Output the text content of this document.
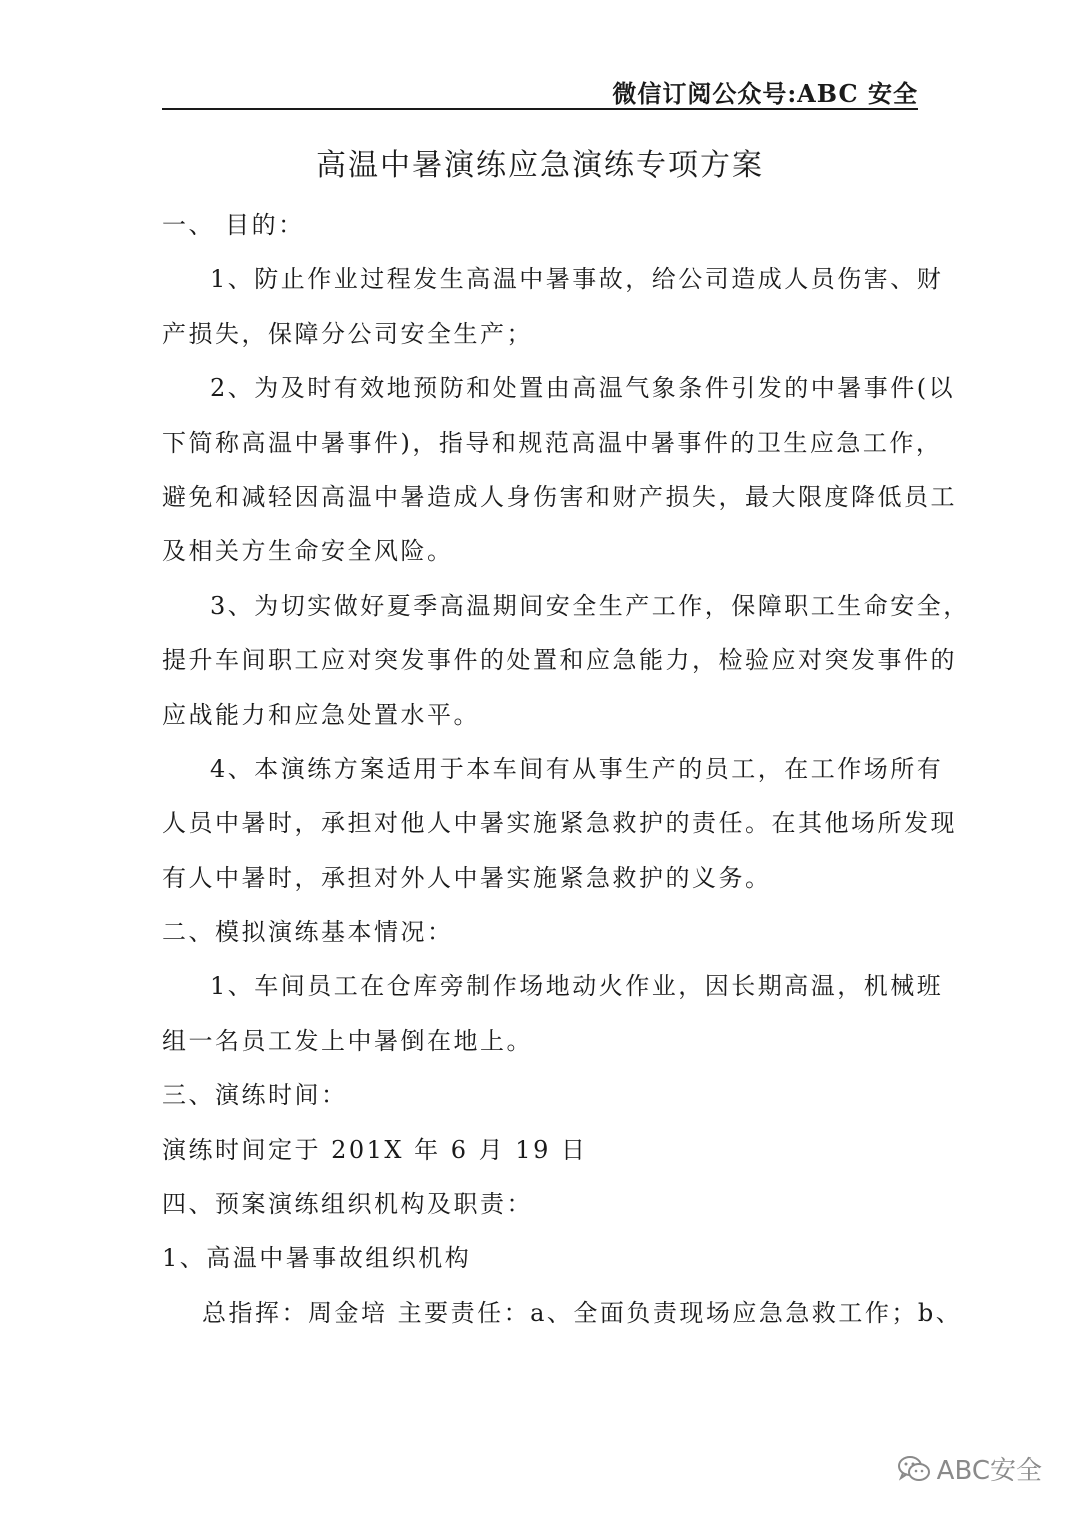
微信订阅公众号:ABC 安全
高温中暑演练应急演练专项方案
一、 目的：
1、防止作业过程发生高温中暑事故，给公司造成人员伤害、财
产损失，保障分公司安全生产；
2、为及时有效地预防和处置由高温气象条件引发的中暑事件(以
下简称高温中暑事件)，指导和规范高温中暑事件的卫生应急工作，
避免和减轻因高温中暑造成人身伤害和财产损失，最大限度降低员工
及相关方生命安全风险。
3、为切实做好夏季高温期间安全生产工作，保障职工生命安全，
提升车间职工应对突发事件的处置和应急能力，检验应对突发事件的
应战能力和应急处置水平。
4、本演练方案适用于本车间有从事生产的员工，在工作场所有
人员中暑时，承担对他人中暑实施紧急救护的责任。在其他场所发现
有人中暑时，承担对外人中暑实施紧急救护的义务。
二、模拟演练基本情况：
1、车间员工在仓库旁制作场地动火作业，因长期高温，机械班
组一名员工发上中暑倒在地上。
三、演练时间：
演练时间定于 201X 年 6 月 19 日
四、预案演练组织机构及职责：
1、高温中暑事故组织机构
总指挥：周金培 主要责任：a、全面负责现场应急急救工作；b、
ABC安全
